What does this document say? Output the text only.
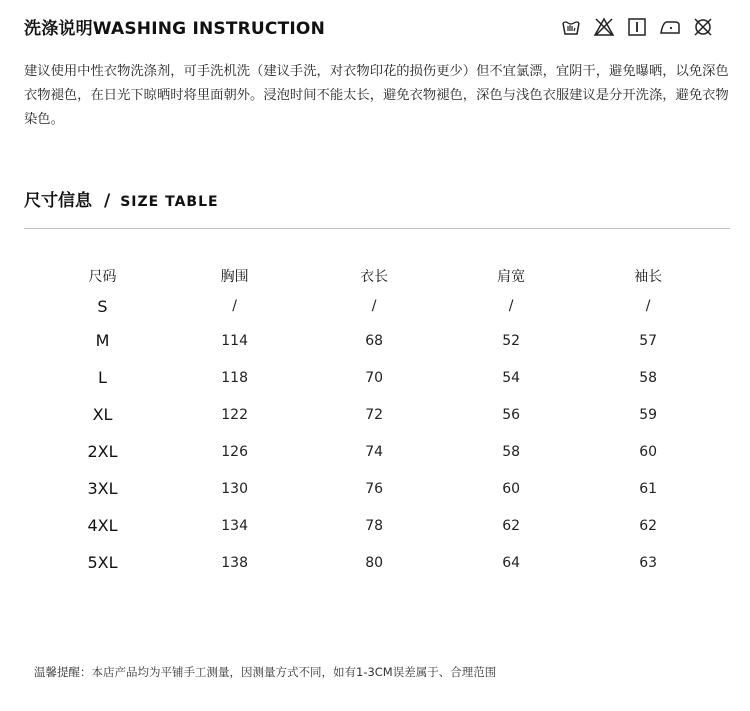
洗涤说明WASHING INSTRUCTION
建议使用中性衣物洗涤剂，可手洗机洗（建议手洗，对衣物印花的损伤更少）但不宜氯漂，宜阴干，避免曝晒，以免深色衣物褪色，在日光下晾晒时将里面朝外。浸泡时间不能太长，避免衣物褪色，深色与浅色衣服建议是分开洗涤，避免衣物染色。
尺寸信息 / SIZE TABLE
尺码	胸围	衣长	肩宽	袖长
S	/	/	/	/
M	114	68	52	57
L	118	70	54	58
XL	122	72	56	59
2XL	126	74	58	60
3XL	130	76	60	61
4XL	134	78	62	62
5XL	138	80	64	63
温馨提醒：本店产品均为平铺手工测量，因测量方式不同，如有1-3CM误差属于、合理范围
